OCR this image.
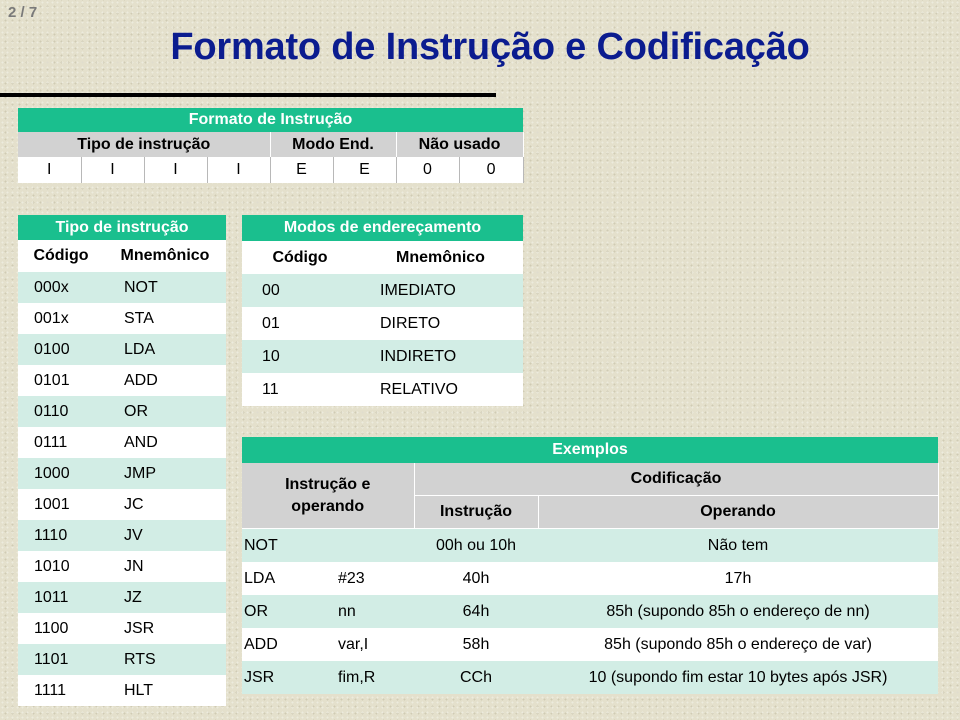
2 / 7
Formato de Instrução e Codificação
Formato de Instrução							
Tipo de instrução				Modo End.		Não usado	
I	I	I	I	E	E	0	0
Tipo de instrução	
Código	Mnemônico
000x	NOT
001x	STA
0100	LDA
0101	ADD
0110	OR
0111	AND
1000	JMP
1001	JC
1110	JV
1010	JN
1011	JZ
1100	JSR
1101	RTS
1111	HLT
Modos de endereçamento	
Código	Mnemônico
00	IMEDIATO
01	DIRETO
10	INDIRETO
11	RELATIVO
Exemplos			
Instrução e operando		Codificação	
		Instrução	Operando
NOT		00h ou 10h	Não tem
LDA	#23	40h	17h
OR	nn	64h	85h (supondo 85h o endereço de nn)
ADD	var,I	58h	85h (supondo 85h o endereço de var)
JSR	fim,R	CCh	10 (supondo fim estar 10 bytes após JSR)
